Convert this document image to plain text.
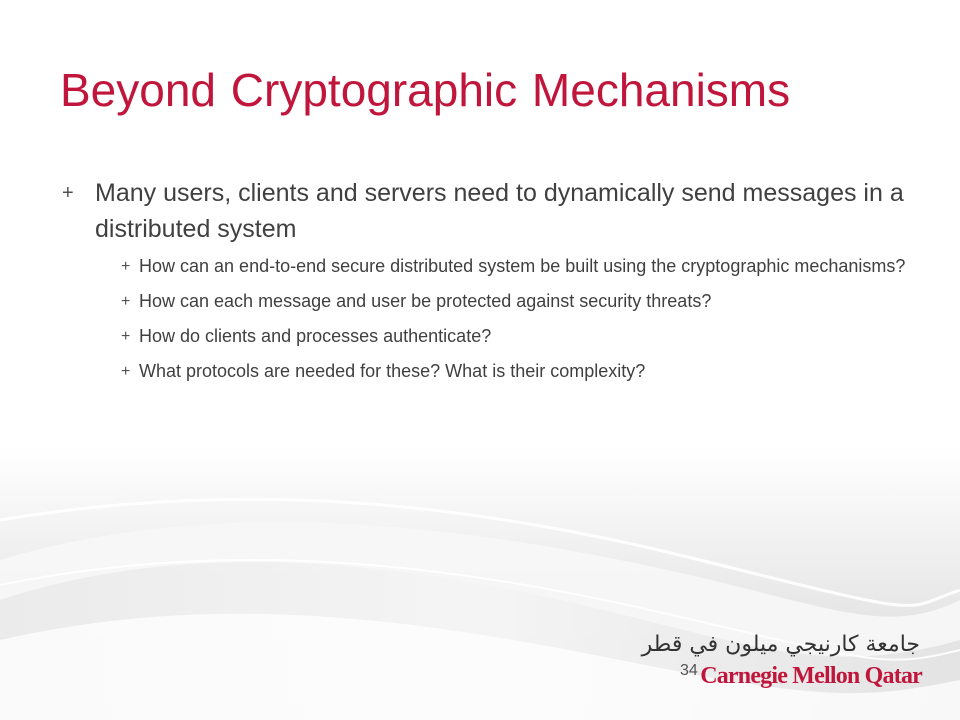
Beyond Cryptographic Mechanisms
+ Many users, clients and servers need to dynamically send messages in a distributed system
+ How can an end-to-end secure distributed system be built using the cryptographic mechanisms?
+ How can each message and user be protected against security threats?
+ How do clients and processes authenticate?
+ What protocols are needed for these? What is their complexity?
34
جامعة كارنيجي ميلون في قطر
Carnegie Mellon Qatar
